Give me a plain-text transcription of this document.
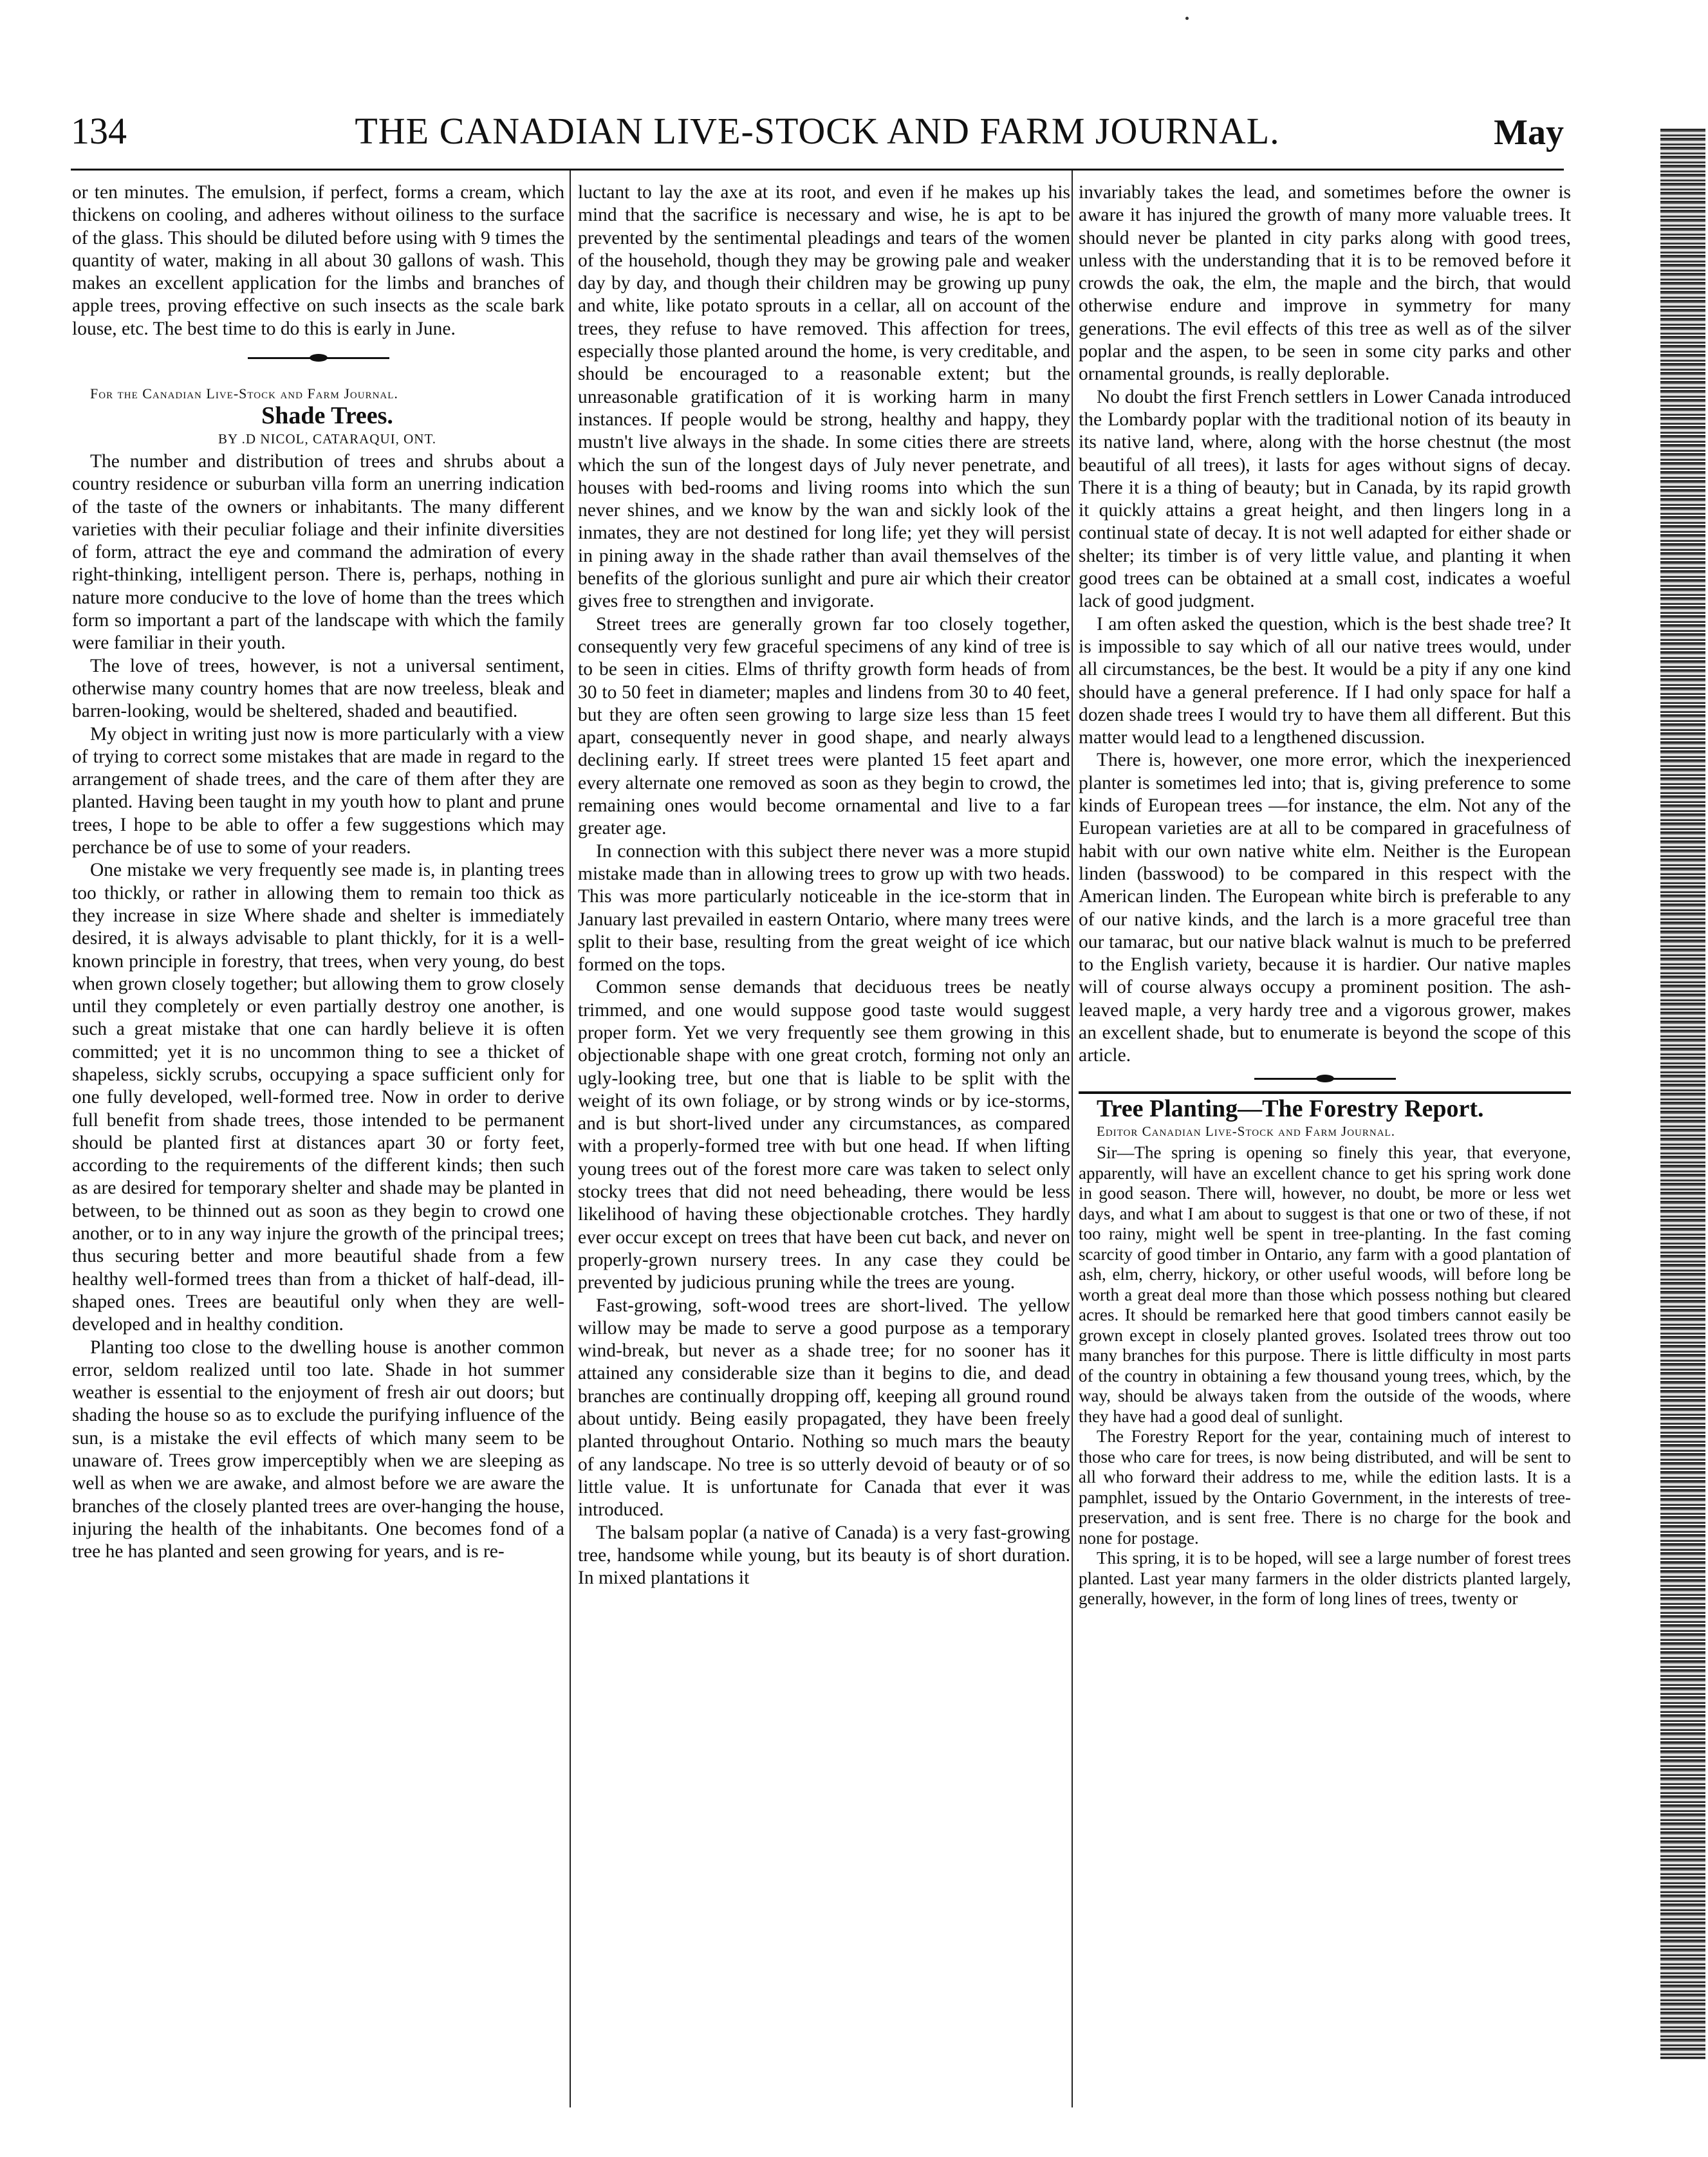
134	THE CANADIAN LIVE-STOCK AND FARM JOURNAL.	May

or ten minutes. The emulsion, if perfect, forms a cream, which thickens on cooling, and adheres without oiliness to the surface of the glass. This should be diluted before using with 9 times the quantity of water, making in all about 30 gallons of wash. This makes an excellent application for the limbs and branches of apple trees, proving effective on such insects as the scale bark louse, etc. The best time to do this is early in June.

For the Canadian Live-Stock and Farm Journal.

Shade Trees.

BY .D NICOL, CATARAQUI, ONT.

The number and distribution of trees and shrubs about a country residence or suburban villa form an unerring indication of the taste of the owners or inhabitants. The many different varieties with their peculiar foliage and their infinite diversities of form, attract the eye and command the admiration of every right-thinking, intelligent person. There is, perhaps, nothing in nature more conducive to the love of home than the trees which form so important a part of the landscape with which the family were familiar in their youth.

The love of trees, however, is not a universal sentiment, otherwise many country homes that are now treeless, bleak and barren-looking, would be sheltered, shaded and beautified.

My object in writing just now is more particularly with a view of trying to correct some mistakes that are made in regard to the arrangement of shade trees, and the care of them after they are planted. Having been taught in my youth how to plant and prune trees, I hope to be able to offer a few suggestions which may perchance be of use to some of your readers.

One mistake we very frequently see made is, in planting trees too thickly, or rather in allowing them to remain too thick as they increase in size Where shade and shelter is immediately desired, it is always advisable to plant thickly, for it is a well-known principle in forestry, that trees, when very young, do best when grown closely together; but allowing them to grow closely until they completely or even partially destroy one another, is such a great mistake that one can hardly believe it is often committed; yet it is no uncommon thing to see a thicket of shapeless, sickly scrubs, occupying a space sufficient only for one fully developed, well-formed tree. Now in order to derive full benefit from shade trees, those intended to be permanent should be planted first at distances apart 30 or forty feet, according to the requirements of the different kinds; then such as are desired for temporary shelter and shade may be planted in between, to be thinned out as soon as they begin to crowd one another, or to in any way injure the growth of the principal trees; thus securing better and more beautiful shade from a few healthy well-formed trees than from a thicket of half-dead, ill-shaped ones. Trees are beautiful only when they are well-developed and in healthy condition.

Planting too close to the dwelling house is another common error, seldom realized until too late. Shade in hot summer weather is essential to the enjoyment of fresh air out doors; but shading the house so as to exclude the purifying influence of the sun, is a mistake the evil effects of which many seem to be unaware of. Trees grow imperceptibly when we are sleeping as well as when we are awake, and almost before we are aware the branches of the closely planted trees are over-hanging the house, injuring the health of the inhabitants. One becomes fond of a tree he has planted and seen growing for years, and is re-

luctant to lay the axe at its root, and even if he makes up his mind that the sacrifice is necessary and wise, he is apt to be prevented by the sentimental pleadings and tears of the women of the household, though they may be growing pale and weaker day by day, and though their children may be growing up puny and white, like potato sprouts in a cellar, all on account of the trees, they refuse to have removed. This affection for trees, especially those planted around the home, is very creditable, and should be encouraged to a reasonable extent; but the unreasonable gratification of it is working harm in many instances. If people would be strong, healthy and happy, they mustn't live always in the shade. In some cities there are streets which the sun of the longest days of July never penetrate, and houses with bed-rooms and living rooms into which the sun never shines, and we know by the wan and sickly look of the inmates, they are not destined for long life; yet they will persist in pining away in the shade rather than avail themselves of the benefits of the glorious sunlight and pure air which their creator gives free to strengthen and invigorate.

Street trees are generally grown far too closely together, consequently very few graceful specimens of any kind of tree is to be seen in cities. Elms of thrifty growth form heads of from 30 to 50 feet in diameter; maples and lindens from 30 to 40 feet, but they are often seen growing to large size less than 15 feet apart, consequently never in good shape, and nearly always declining early. If street trees were planted 15 feet apart and every alternate one removed as soon as they begin to crowd, the remaining ones would become ornamental and live to a far greater age.

In connection with this subject there never was a more stupid mistake made than in allowing trees to grow up with two heads. This was more particularly noticeable in the ice-storm that in January last prevailed in eastern Ontario, where many trees were split to their base, resulting from the great weight of ice which formed on the tops.

Common sense demands that deciduous trees be neatly trimmed, and one would suppose good taste would suggest proper form. Yet we very frequently see them growing in this objectionable shape with one great crotch, forming not only an ugly-looking tree, but one that is liable to be split with the weight of its own foliage, or by strong winds or by ice-storms, and is but short-lived under any circumstances, as compared with a properly-formed tree with but one head. If when lifting young trees out of the forest more care was taken to select only stocky trees that did not need beheading, there would be less likelihood of having these objectionable crotches. They hardly ever occur except on trees that have been cut back, and never on properly-grown nursery trees. In any case they could be prevented by judicious pruning while the trees are young.

Fast-growing, soft-wood trees are short-lived. The yellow willow may be made to serve a good purpose as a temporary wind-break, but never as a shade tree; for no sooner has it attained any considerable size than it begins to die, and dead branches are continually dropping off, keeping all ground round about untidy. Being easily propagated, they have been freely planted throughout Ontario. Nothing so much mars the beauty of any landscape. No tree is so utterly devoid of beauty or of so little value. It is unfortunate for Canada that ever it was introduced.

The balsam poplar (a native of Canada) is a very fast-growing tree, handsome while young, but its beauty is of short duration. In mixed plantations it

invariably takes the lead, and sometimes before the owner is aware it has injured the growth of many more valuable trees. It should never be planted in city parks along with good trees, unless with the understanding that it is to be removed before it crowds the oak, the elm, the maple and the birch, that would otherwise endure and improve in symmetry for many generations. The evil effects of this tree as well as of the silver poplar and the aspen, to be seen in some city parks and other ornamental grounds, is really deplorable.

No doubt the first French settlers in Lower Canada introduced the Lombardy poplar with the traditional notion of its beauty in its native land, where, along with the horse chestnut (the most beautiful of all trees), it lasts for ages without signs of decay. There it is a thing of beauty; but in Canada, by its rapid growth it quickly attains a great height, and then lingers long in a continual state of decay. It is not well adapted for either shade or shelter; its timber is of very little value, and planting it when good trees can be obtained at a small cost, indicates a woeful lack of good judgment.

I am often asked the question, which is the best shade tree? It is impossible to say which of all our native trees would, under all circumstances, be the best. It would be a pity if any one kind should have a general preference. If I had only space for half a dozen shade trees I would try to have them all different. But this matter would lead to a lengthened discussion.

There is, however, one more error, which the inexperienced planter is sometimes led into; that is, giving preference to some kinds of European trees —for instance, the elm. Not any of the European varieties are at all to be compared in gracefulness of habit with our own native white elm. Neither is the European linden (basswood) to be compared in this respect with the American linden. The European white birch is preferable to any of our native kinds, and the larch is a more graceful tree than our tamarac, but our native black walnut is much to be preferred to the English variety, because it is hardier. Our native maples will of course always occupy a prominent position. The ash-leaved maple, a very hardy tree and a vigorous grower, makes an excellent shade, but to enumerate is beyond the scope of this article.

Tree Planting—The Forestry Report.

Editor Canadian Live-Stock and Farm Journal.

Sir—The spring is opening so finely this year, that everyone, apparently, will have an excellent chance to get his spring work done in good season. There will, however, no doubt, be more or less wet days, and what I am about to suggest is that one or two of these, if not too rainy, might well be spent in tree-planting. In the fast coming scarcity of good timber in Ontario, any farm with a good plantation of ash, elm, cherry, hickory, or other useful woods, will before long be worth a great deal more than those which possess nothing but cleared acres. It should be remarked here that good timbers cannot easily be grown except in closely planted groves. Isolated trees throw out too many branches for this purpose. There is little difficulty in most parts of the country in obtaining a few thousand young trees, which, by the way, should be always taken from the outside of the woods, where they have had a good deal of sunlight.

The Forestry Report for the year, containing much of interest to those who care for trees, is now being distributed, and will be sent to all who forward their address to me, while the edition lasts. It is a pamphlet, issued by the Ontario Government, in the interests of tree-preservation, and is sent free. There is no charge for the book and none for postage.

This spring, it is to be hoped, will see a large number of forest trees planted. Last year many farmers in the older districts planted largely, generally, however, in the form of long lines of trees, twenty or
